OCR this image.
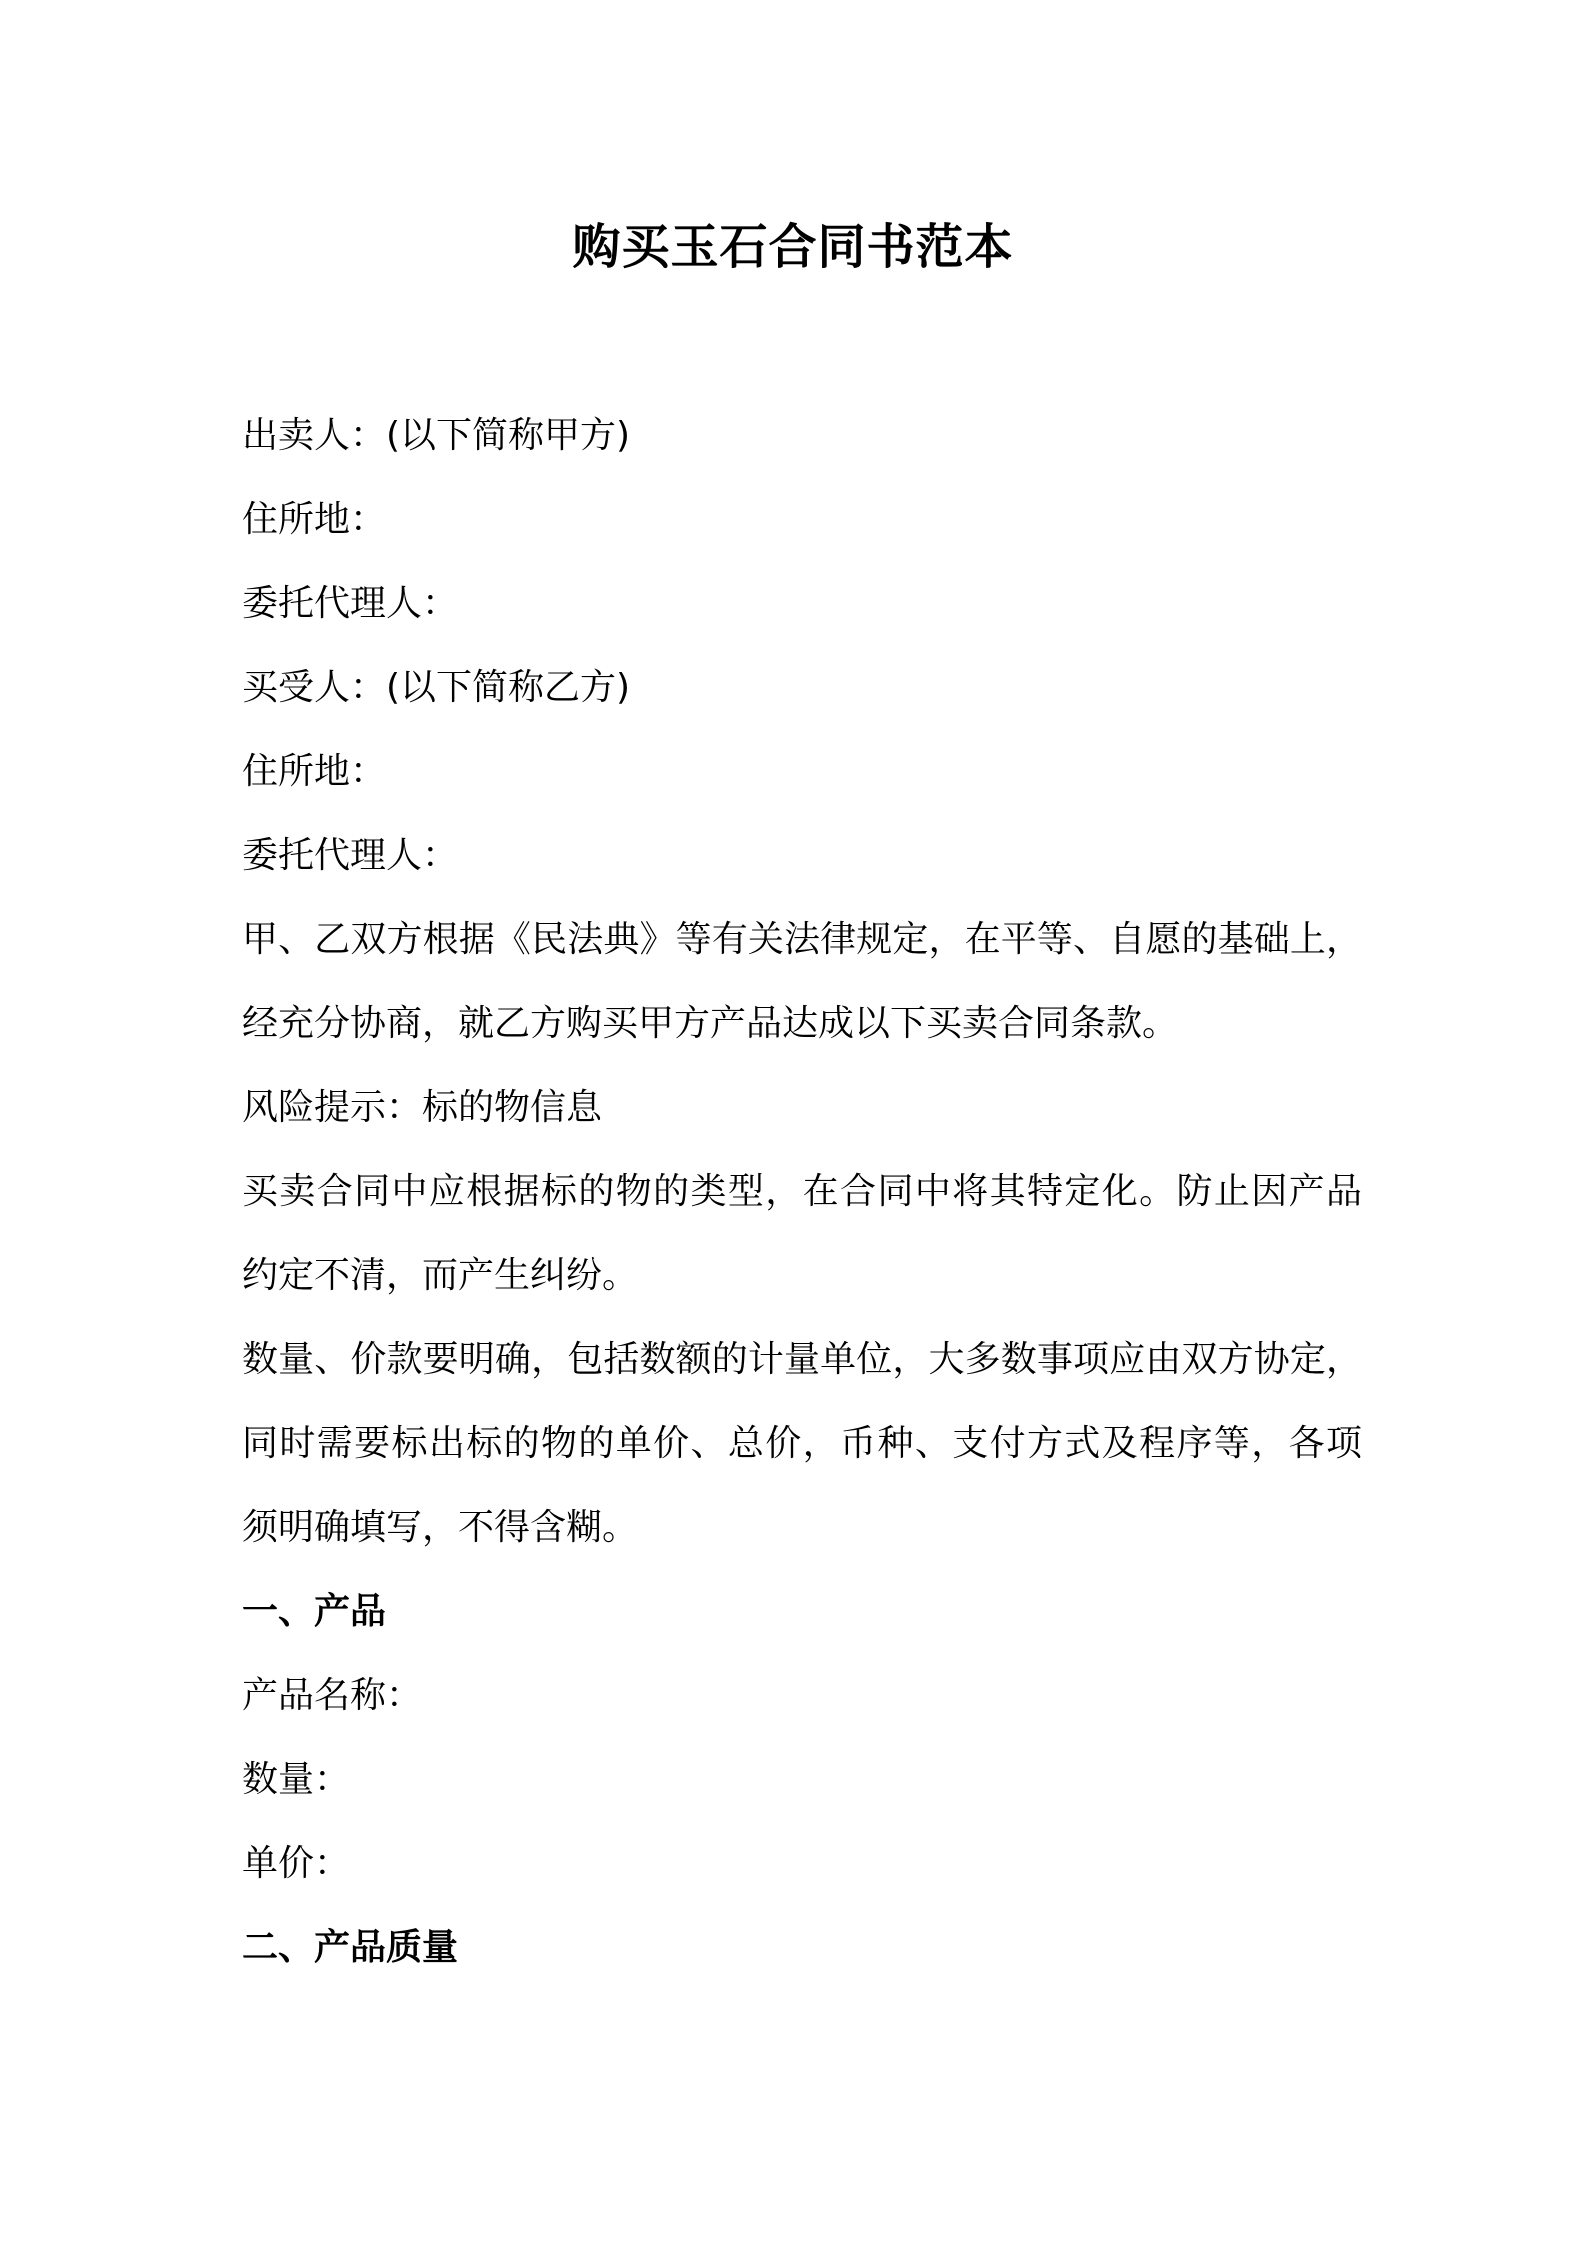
购买玉石合同书范本
出卖人：(以下简称甲方)
住所地：
委托代理人：
买受人：(以下简称乙方)
住所地：
委托代理人：
甲、乙双方根据《民法典》等有关法律规定，在平等、自愿的基础上，
经充分协商，就乙方购买甲方产品达成以下买卖合同条款。
风险提示：标的物信息
买卖合同中应根据标的物的类型，在合同中将其特定化。防止因产品
约定不清，而产生纠纷。
数量、价款要明确，包括数额的计量单位，大多数事项应由双方协定，
同时需要标出标的物的单价、总价，币种、支付方式及程序等，各项
须明确填写，不得含糊。
一、产品
产品名称：
数量：
单价：
二、产品质量
